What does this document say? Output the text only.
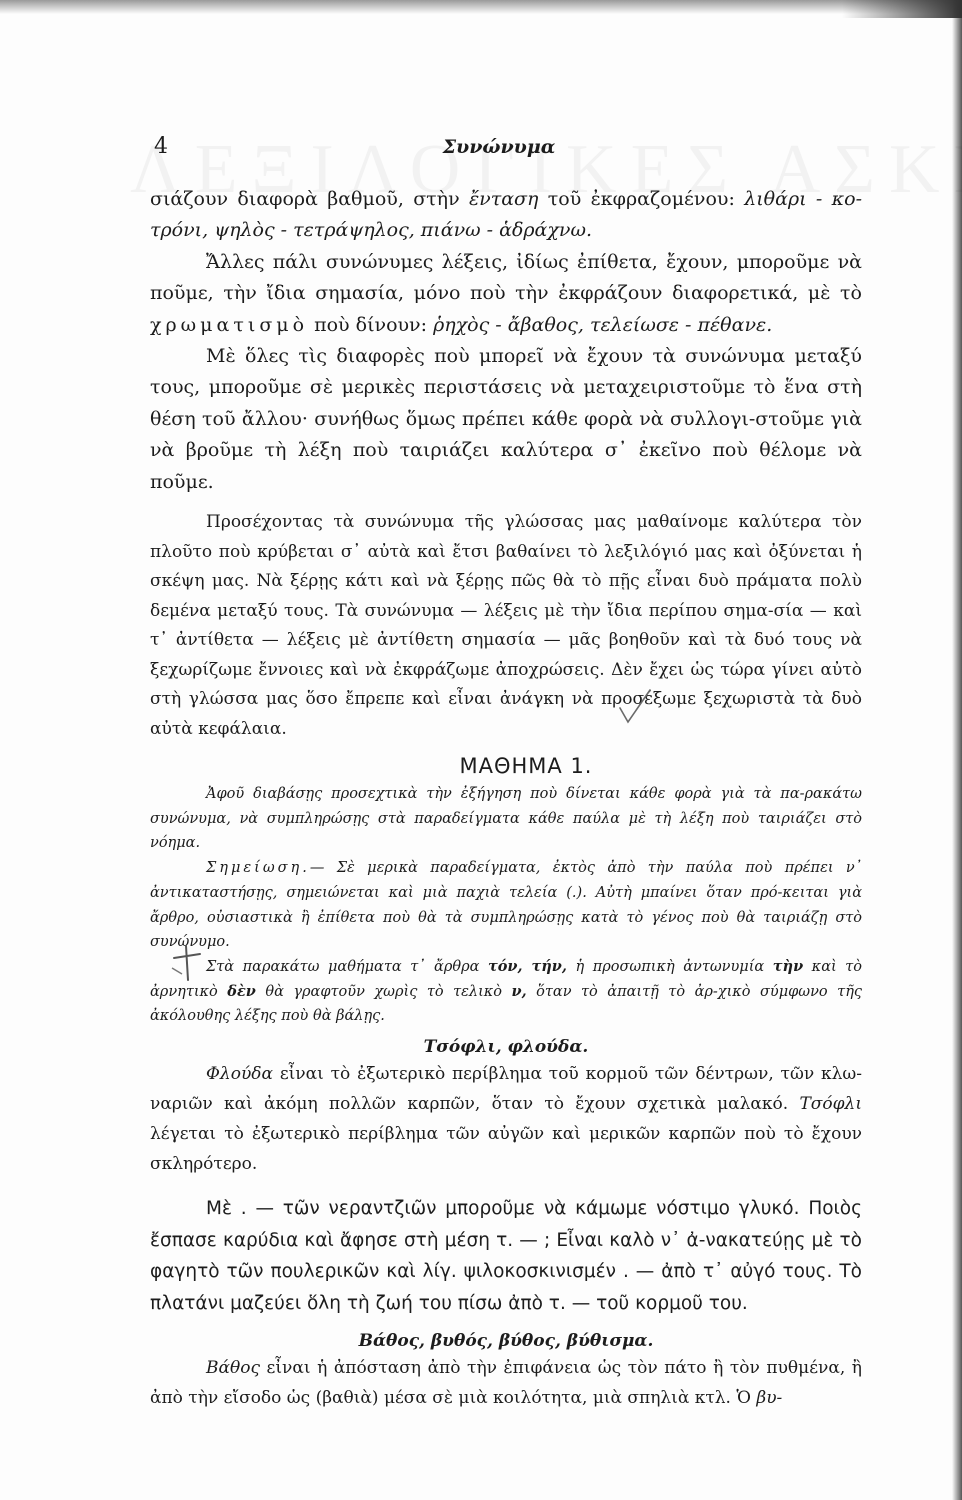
4	Συνώνυμα

σιάζουν διαφορὰ βαθμοῦ, στὴν ἔνταση τοῦ ἐκφραζομένου: λιθάρι - κο-τρόνι, ψηλὸς - τετράψηλος, πιάνω - ἁδράχνω.

Ἄλλες πάλι συνώνυμες λέξεις, ἰδίως ἐπίθετα, ἔχουν, μποροῦμε νὰ ποῦμε, τὴν ἴδια σημασία, μόνο ποὺ τὴν ἐκφράζουν διαφορετικά, μὲ τὸ χρωματισμὸ ποὺ δίνουν: ῥηχὸς - ἄβαθος, τελείωσε - πέθανε.

Μὲ ὅλες τὶς διαφορὲς ποὺ μπορεῖ νὰ ἔχουν τὰ συνώνυμα μεταξύ τους, μποροῦμε σὲ μερικὲς περιστάσεις νὰ μεταχειριστοῦμε τὸ ἕνα στὴ θέση τοῦ ἄλλου· συνήθως ὅμως πρέπει κάθε φορὰ νὰ συλλογι-στοῦμε γιὰ νὰ βροῦμε τὴ λέξη ποὺ ταιριάζει καλύτερα σ᾽ ἐκεῖνο ποὺ θέλομε νὰ ποῦμε.

Προσέχοντας τὰ συνώνυμα τῆς γλώσσας μας μαθαίνομε καλύτερα τὸν πλοῦτο ποὺ κρύβεται σ᾽ αὐτὰ καὶ ἔτσι βαθαίνει τὸ λεξιλόγιό μας καὶ ὀξύνεται ἡ σκέψη μας. Νὰ ξέρῃς κάτι καὶ νὰ ξέρῃς πῶς θὰ τὸ πῇς εἶναι δυὸ πράματα πολὺ δεμένα μεταξύ τους. Τὰ συνώνυμα — λέξεις μὲ τὴν ἴδια περίπου σημα-σία — καὶ τ᾽ ἀντίθετα — λέξεις μὲ ἀντίθετη σημασία — μᾶς βοηθοῦν καὶ τὰ δυό τους νὰ ξεχωρίζωμε ἔννοιες καὶ νὰ ἐκφράζωμε ἀποχρώσεις. Δὲν ἔχει ὡς τώρα γίνει αὐτὸ στὴ γλώσσα μας ὅσο ἔπρεπε καὶ εἶναι ἀνάγκη νὰ προσέξωμε ξεχωριστὰ τὰ δυὸ αὐτὰ κεφάλαια.

ΜΑΘΗΜΑ 1.

Ἀφοῦ διαβάσῃς προσεχτικὰ τὴν ἐξήγηση ποὺ δίνεται κάθε φορὰ γιὰ τὰ πα-ρακάτω συνώνυμα, νὰ συμπληρώσῃς στὰ παραδείγματα κάθε παύλα μὲ τὴ λέξη ποὺ ταιριάζει στὸ νόημα.

Σημείωση.— Σὲ μερικὰ παραδείγματα, ἐκτὸς ἀπὸ τὴν παύλα ποὺ πρέπει ν᾽ ἀντικαταστήσῃς, σημειώνεται καὶ μιὰ παχιὰ τελεία (.). Αὐτὴ μπαίνει ὅταν πρό-κειται γιὰ ἄρθρο, οὐσιαστικὰ ἢ ἐπίθετα ποὺ θὰ τὰ συμπληρώσῃς κατὰ τὸ γένος ποὺ θὰ ταιριάζῃ στὸ συνώνυμο.

Στὰ παρακάτω μαθήματα τ᾽ ἄρθρα τόν, τήν, ἡ προσωπικὴ ἀντωνυμία τὴν καὶ τὸ ἀρνητικὸ δὲν θὰ γραφτοῦν χωρὶς τὸ τελικὸ ν, ὅταν τὸ ἀπαιτῇ τὸ ἀρ-χικὸ σύμφωνο τῆς ἀκόλουθης λέξης ποὺ θὰ βάλῃς.

Τσόφλι, φλούδα.

Φλούδα εἶναι τὸ ἐξωτερικὸ περίβλημα τοῦ κορμοῦ τῶν δέντρων, τῶν κλω-ναριῶν καὶ ἀκόμη πολλῶν καρπῶν, ὅταν τὸ ἔχουν σχετικὰ μαλακό. Τσόφλι λέγεται τὸ ἐξωτερικὸ περίβλημα τῶν αὐγῶν καὶ μερικῶν καρπῶν ποὺ τὸ ἔχουν σκληρότερο.

Μὲ . — τῶν νεραντζιῶν μποροῦμε νὰ κάμωμε νόστιμο γλυκό. Ποιὸς ἔσπασε καρύδια καὶ ἄφησε στὴ μέση τ. — ; Εἶναι καλὸ ν᾽ ἀ-νακατεύῃς μὲ τὸ φαγητὸ τῶν πουλερικῶν καὶ λίγ. ψιλοκοσκινισμέν . — ἀπὸ τ᾽ αὐγό τους. Τὸ πλατάνι μαζεύει ὅλη τὴ ζωή του πίσω ἀπὸ τ. — τοῦ κορμοῦ του.

Βάθος, βυθός, βύθος, βύθισμα.

Βάθος εἶναι ἡ ἀπόσταση ἀπὸ τὴν ἐπιφάνεια ὡς τὸν πάτο ἢ τὸν πυθμένα, ἢ ἀπὸ τὴν εἴσοδο ὡς (βαθιὰ) μέσα σὲ μιὰ κοιλότητα, μιὰ σπηλιὰ κτλ. Ὁ βυ-
